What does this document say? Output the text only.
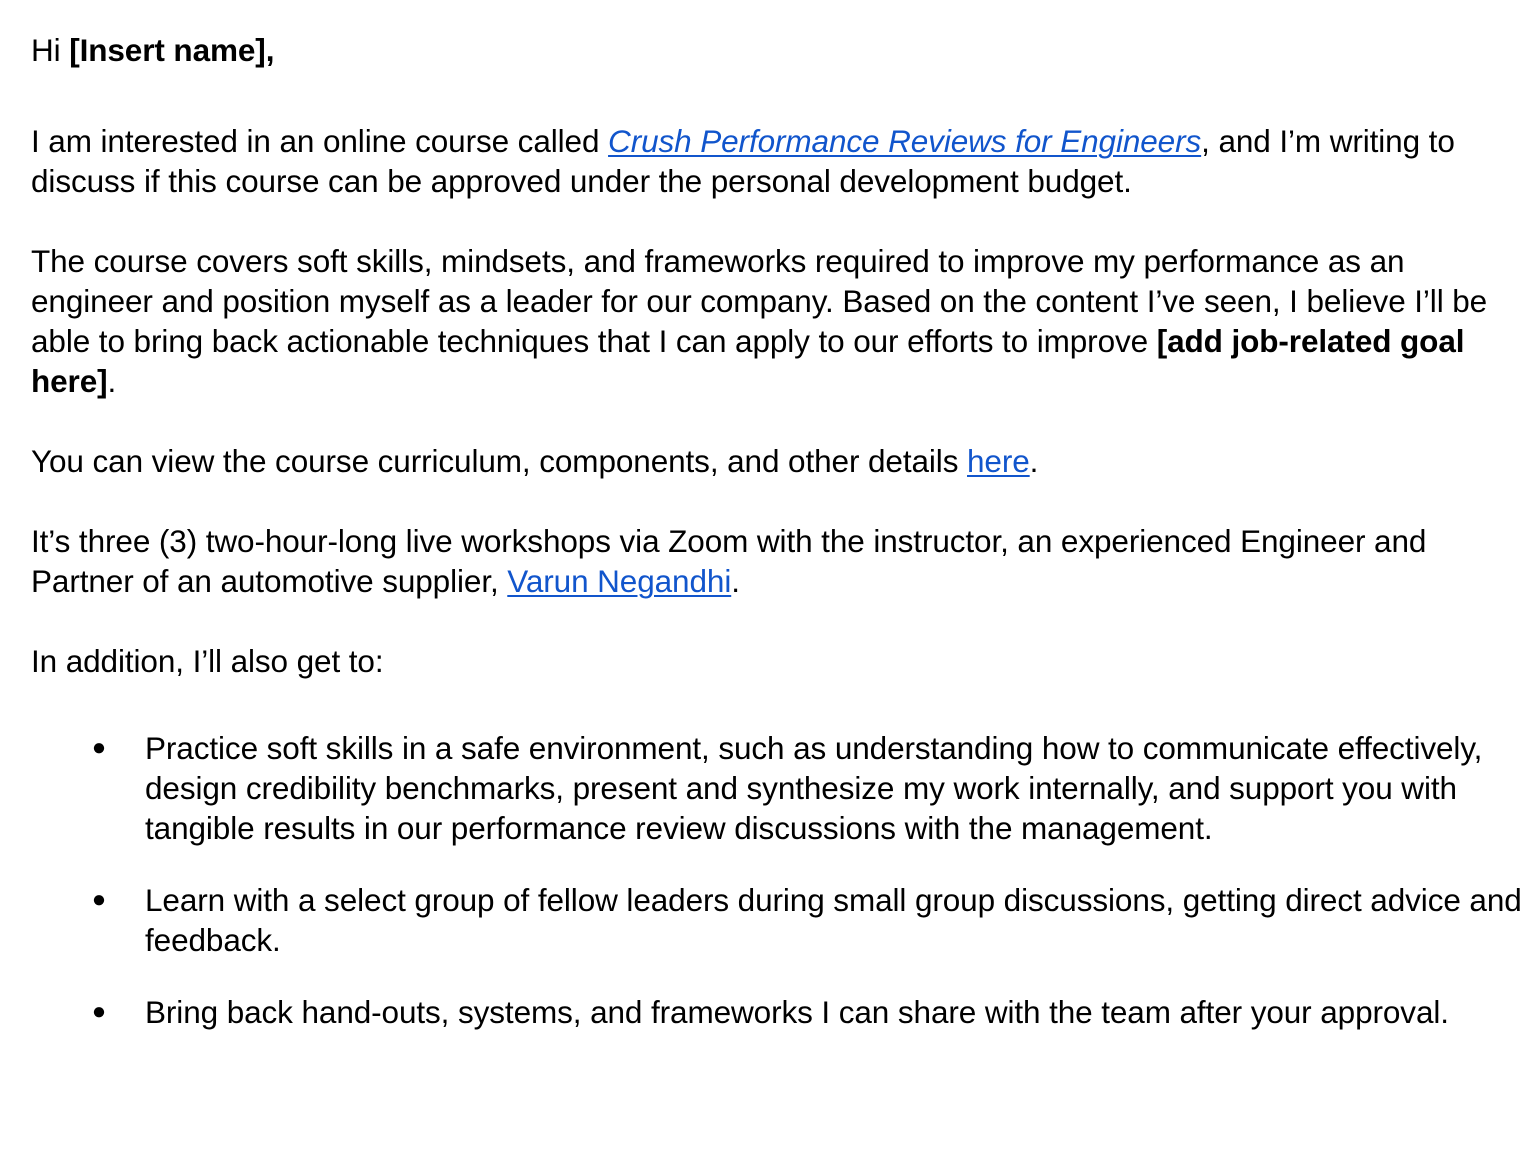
Hi [Insert name],

I am interested in an online course called Crush Performance Reviews for Engineers, and I’m writing to discuss if this course can be approved under the personal development budget.

The course covers soft skills, mindsets, and frameworks required to improve my performance as an engineer and position myself as a leader for our company. Based on the content I’ve seen, I believe I’ll be able to bring back actionable techniques that I can apply to our efforts to improve [add job-related goal here].

You can view the course curriculum, components, and other details here.

It’s three (3) two-hour-long live workshops via Zoom with the instructor, an experienced Engineer and Partner of an automotive supplier, Varun Negandhi.

In addition, I’ll also get to:

● Practice soft skills in a safe environment, such as understanding how to communicate effectively, design credibility benchmarks, present and synthesize my work internally, and support you with tangible results in our performance review discussions with the management.
● Learn with a select group of fellow leaders during small group discussions, getting direct advice and feedback.
● Bring back hand-outs, systems, and frameworks I can share with the team after your approval.
